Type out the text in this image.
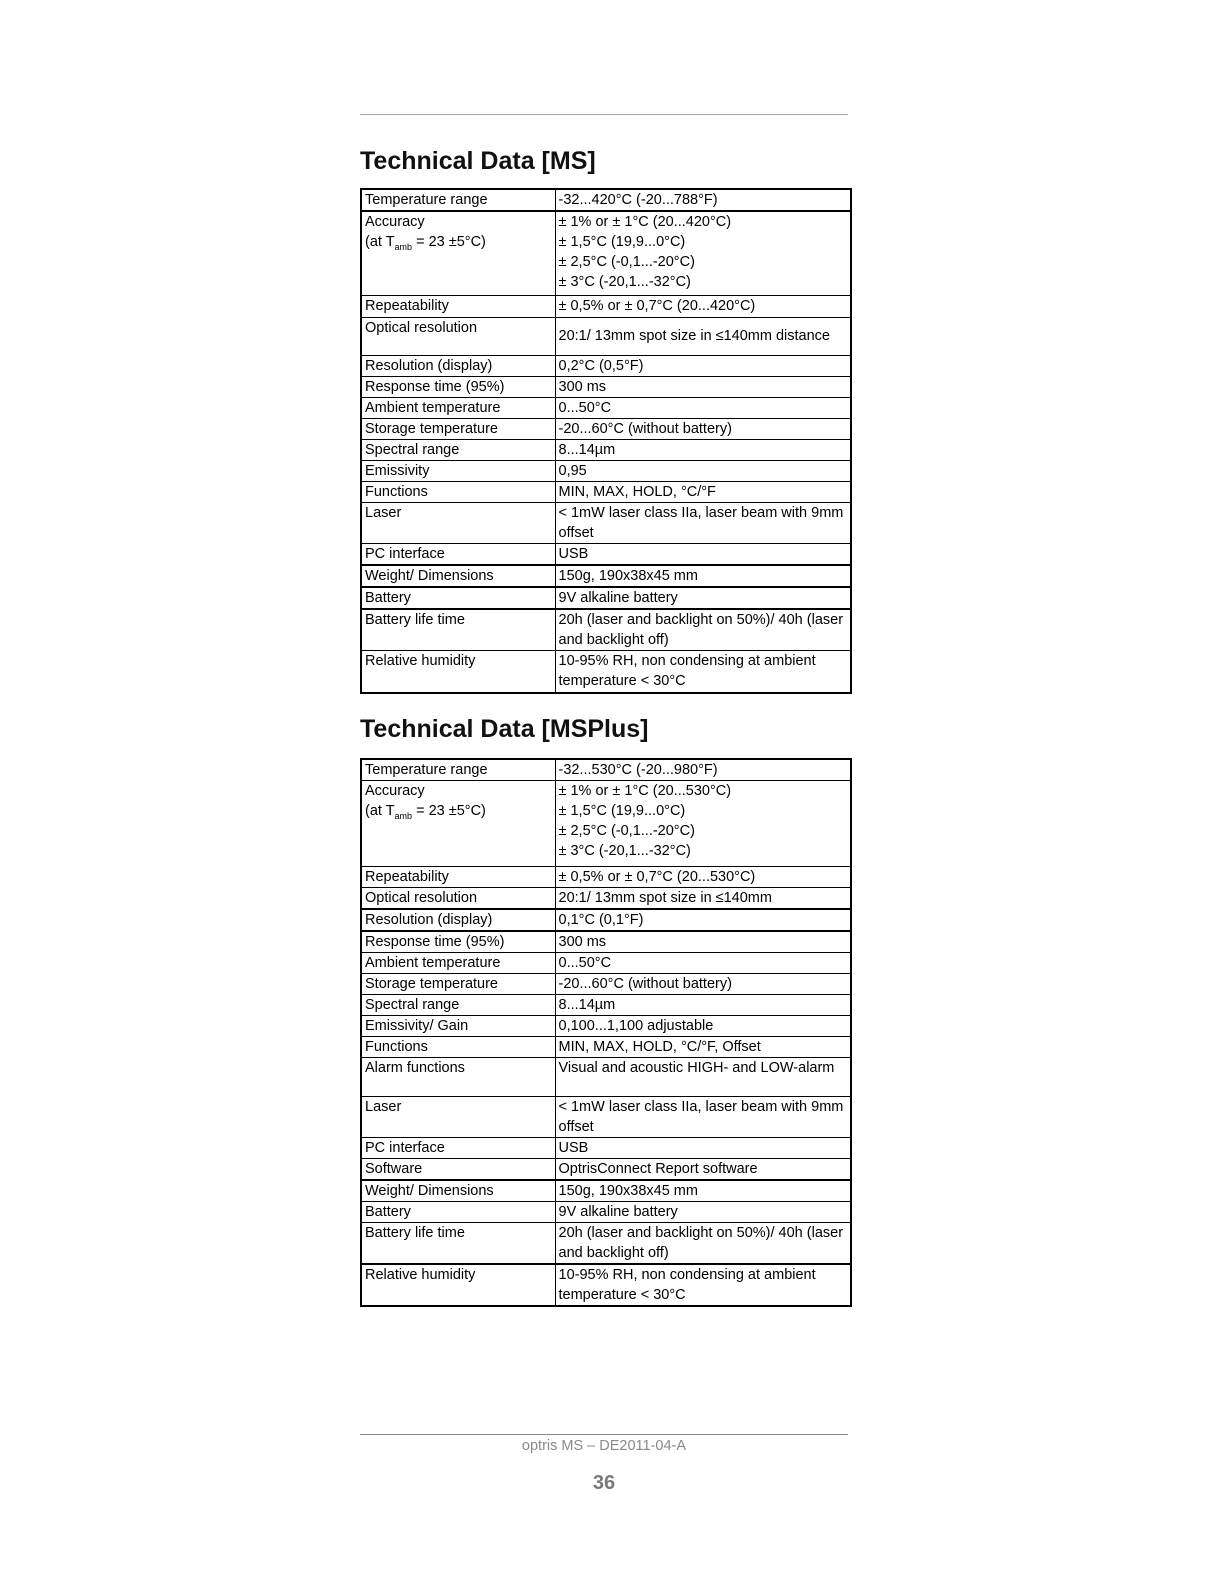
Technical Data [MS]
Temperature range	-32...420°C (-20...788°F)

Accuracy
(at $T_{amb} = 23 \pm 5^\circ C$)	± 1% or ± 1°C (20...420°C)
± 1,5°C (19,9...0°C)
± 2,5°C (-0,1...-20°C)
± 3°C (-20,1...-32°C)

Repeatability	± 0,5% or ± 0,7°C (20...420°C)

Optical resolution	20:1/ 13mm spot size in ≤140mm distance

Resolution (display)	0,2°C (0,5°F)

Response time (95%)	300 ms

Ambient temperature	0...50°C

Storage temperature	-20...60°C (without battery)

Spectral range	8...14µm

Emissivity	0,95

Functions	MIN, MAX, HOLD, °C/°F

Laser	< 1mW laser class IIa, laser beam with 9mm offset

PC interface	USB

Weight/ Dimensions	150g, 190x38x45 mm

Battery	9V alkaline battery

Battery life time	20h (laser and backlight on 50%)/ 40h (laser and backlight off)

Relative humidity	10-95% RH, non condensing at ambient temperature < 30°C
Technical Data [MSPlus]
Temperature range	-32...530°C (-20...980°F)

Accuracy
(at $T_{amb} = 23 \pm 5^\circ C$)	± 1% or ± 1°C (20...530°C)
± 1,5°C (19,9...0°C)
± 2,5°C (-0,1...-20°C)
± 3°C (-20,1...-32°C)

Repeatability	± 0,5% or ± 0,7°C (20...530°C)

Optical resolution	20:1/ 13mm spot size in ≤140mm

Resolution (display)	0,1°C (0,1°F)

Response time (95%)	300 ms

Ambient temperature	0...50°C

Storage temperature	-20...60°C (without battery)

Spectral range	8...14µm

Emissivity/ Gain	0,100...1,100 adjustable

Functions	MIN, MAX, HOLD, °C/°F, Offset

Alarm functions	Visual and acoustic HIGH- and LOW-alarm

Laser	< 1mW laser class IIa, laser beam with 9mm offset

PC interface	USB

Software	OptrisConnect Report software

Weight/ Dimensions	150g, 190x38x45 mm

Battery	9V alkaline battery

Battery life time	20h (laser and backlight on 50%)/ 40h (laser and backlight off)

Relative humidity	10-95% RH, non condensing at ambient temperature < 30°C
optris MS – DE2011-04-A
36
